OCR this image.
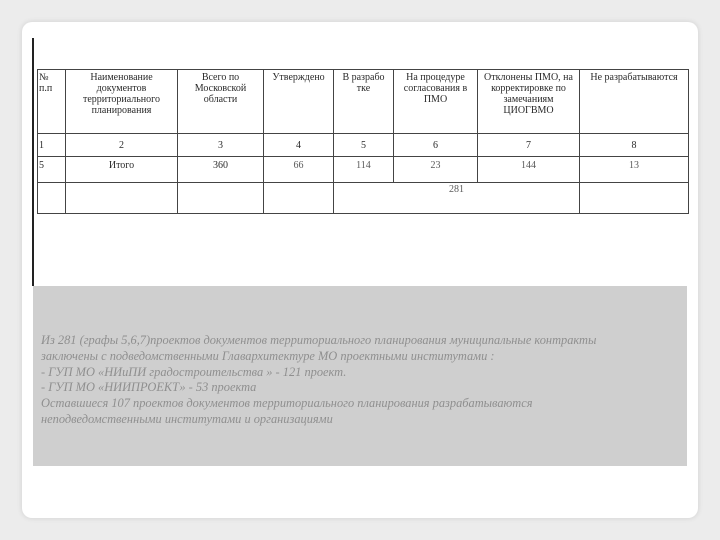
№ п.п	Наименование документов территориального планирования	Всего по Московской области	Утверждено	В разрабо тке	На процедуре согласования в ПМО	Отклонены ПМО, на корректировке по замечаниям ЦИОГВМО	Не разрабатываются
1	2	3	4	5	6	7	8
5	Итого	360	66	114	23	144	13
				281			
Из 281 (графы 5,6,7)проектов документов территориального планирования муниципальные контракты
заключены с подведомственными Главархитектуре МО проектными институтами :
- ГУП МО «НИиПИ градостроительства » - 121 проект.
- ГУП МО «НИИПРОЕКТ» - 53 проекта
Оставшиеся 107 проектов документов территориального планирования разрабатываются
неподведомственными институтами и организациями
